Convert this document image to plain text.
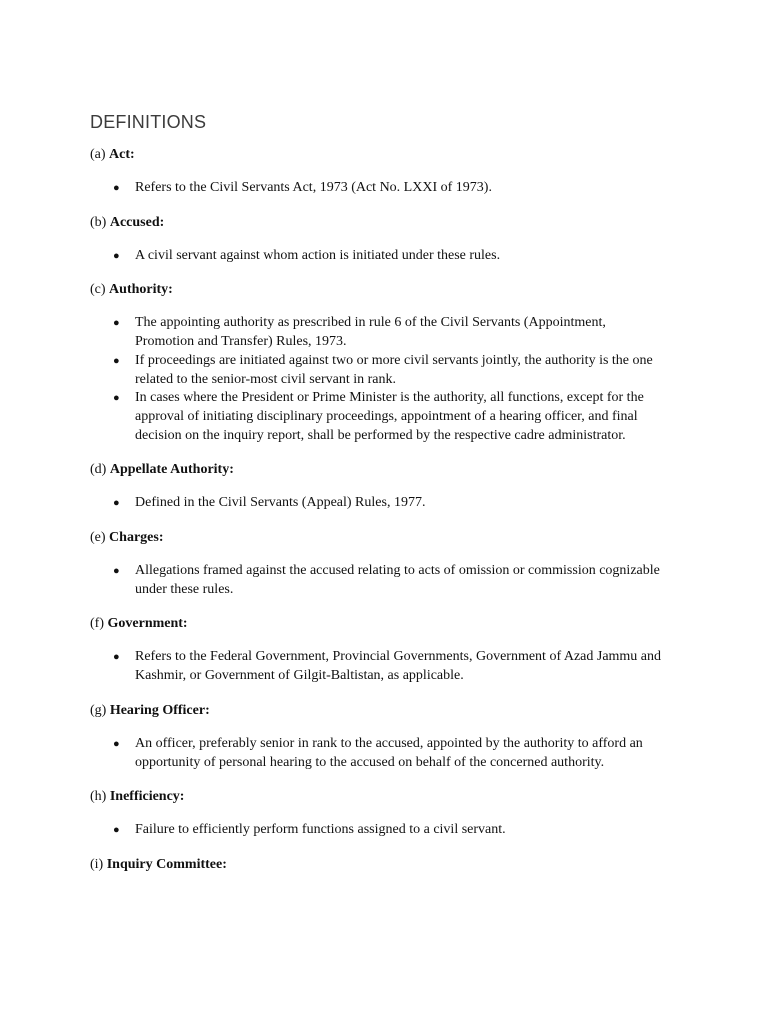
DEFINITIONS

(a) Act:

● Refers to the Civil Servants Act, 1973 (Act No. LXXI of 1973).

(b) Accused:

● A civil servant against whom action is initiated under these rules.

(c) Authority:

● The appointing authority as prescribed in rule 6 of the Civil Servants (Appointment, Promotion and Transfer) Rules, 1973.
● If proceedings are initiated against two or more civil servants jointly, the authority is the one related to the senior-most civil servant in rank.
● In cases where the President or Prime Minister is the authority, all functions, except for the approval of initiating disciplinary proceedings, appointment of a hearing officer, and final decision on the inquiry report, shall be performed by the respective cadre administrator.

(d) Appellate Authority:

● Defined in the Civil Servants (Appeal) Rules, 1977.

(e) Charges:

● Allegations framed against the accused relating to acts of omission or commission cognizable under these rules.

(f) Government:

● Refers to the Federal Government, Provincial Governments, Government of Azad Jammu and Kashmir, or Government of Gilgit-Baltistan, as applicable.

(g) Hearing Officer:

● An officer, preferably senior in rank to the accused, appointed by the authority to afford an opportunity of personal hearing to the accused on behalf of the concerned authority.

(h) Inefficiency:

● Failure to efficiently perform functions assigned to a civil servant.

(i) Inquiry Committee:
